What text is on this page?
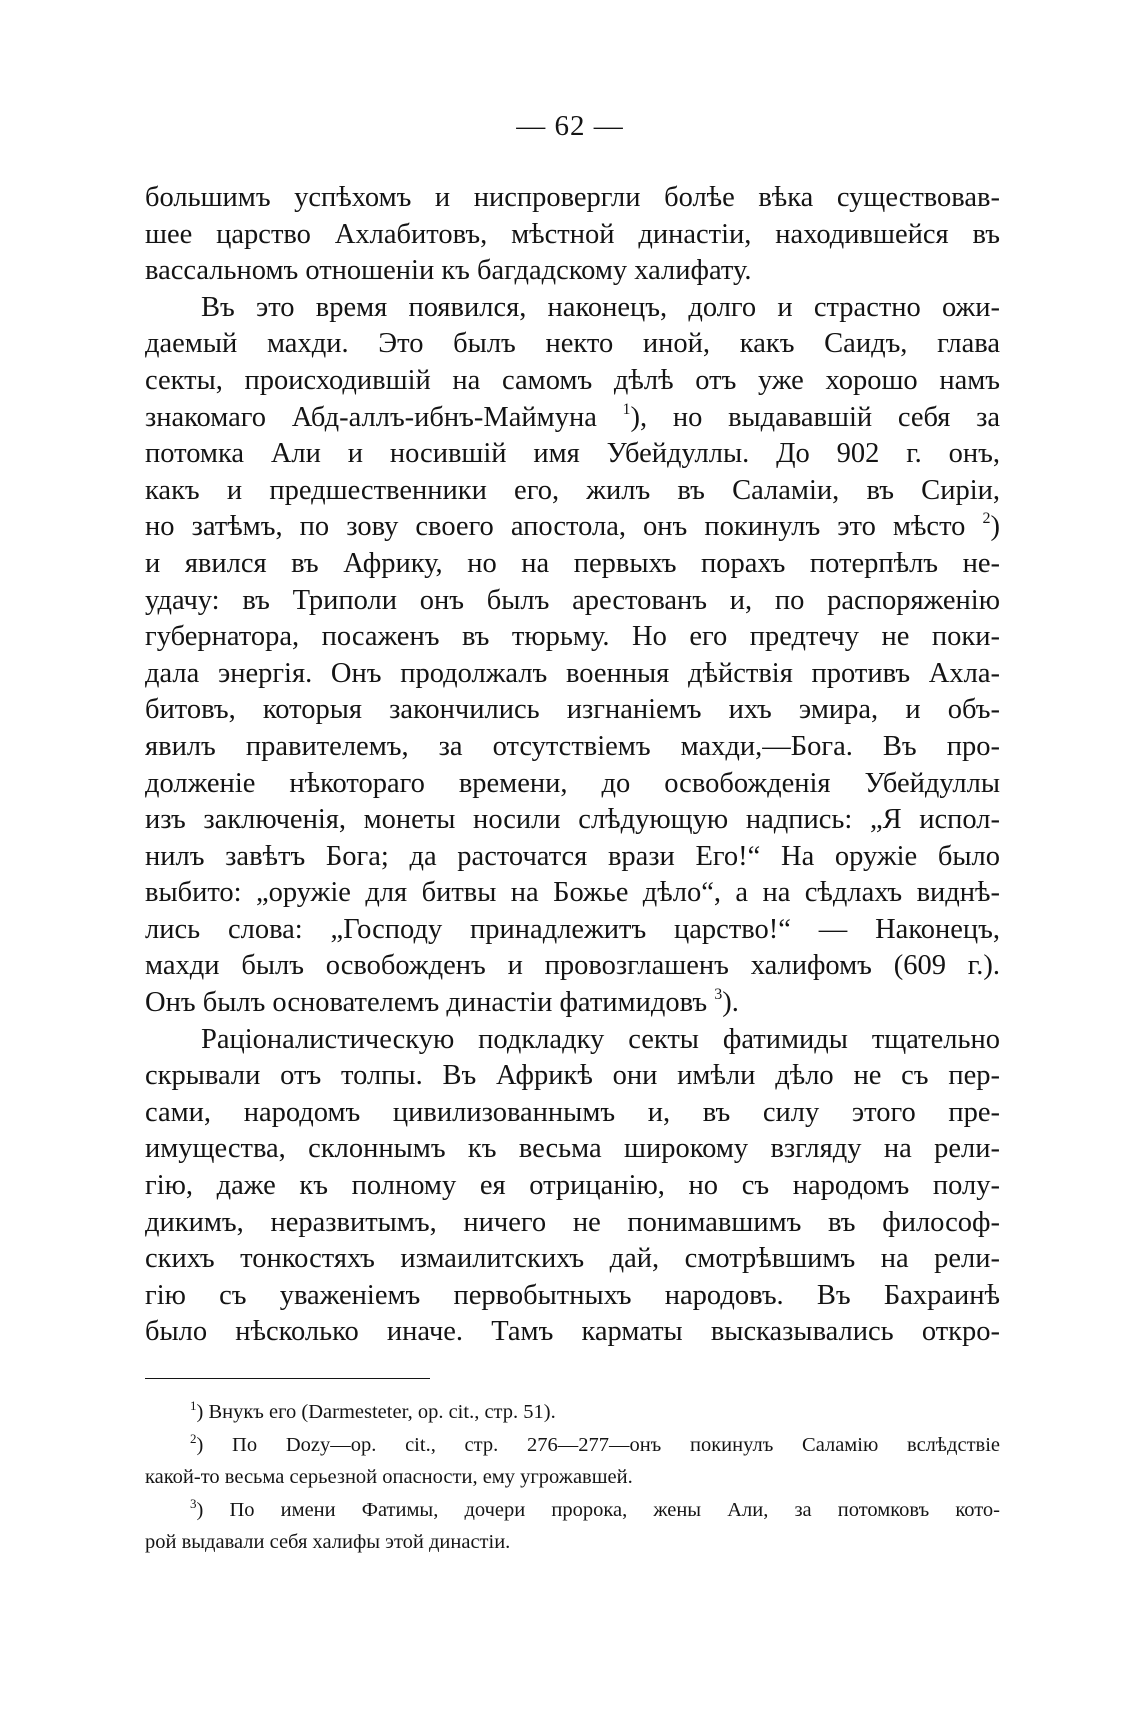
— 62 —
большимъ успѣхомъ и ниспровергли болѣе вѣка существовав-
шее царство Ахлабитовъ, мѣстной династіи, находившейся въ
вассальномъ отношеніи къ багдадскому халифату.
Въ это время появился, наконецъ, долго и страстно ожи-
даемый махди. Это былъ некто иной, какъ Саидъ, глава
секты, происходившій на самомъ дѣлѣ отъ уже хорошо намъ
знакомаго Абд-аллъ-ибнъ-Маймуна $^1$), но выдававшій себя за
потомка Али и носившій имя Убейдуллы. До 902 г. онъ,
какъ и предшественники его, жилъ въ Саламіи, въ Сиріи,
но затѣмъ, по зову своего апостола, онъ покинулъ это мѣсто $^2$)
и явился въ Африку, но на первыхъ порахъ потерпѣлъ не-
удачу: въ Триполи онъ былъ арестованъ и, по распоряженію
губернатора, посаженъ въ тюрьму. Но его предтечу не поки-
дала энергія. Онъ продолжалъ военныя дѣйствія противъ Ахла-
битовъ, которыя закончились изгнаніемъ ихъ эмира, и объ-
явилъ правителемъ, за отсутствіемъ махди,—Бога. Въ про-
долженіе нѣкотораго времени, до освобожденія Убейдуллы
изъ заключенія, монеты носили слѣдующую надпись: „Я испол-
нилъ завѣтъ Бога; да расточатся врази Его!“ На оружіе было
выбито: „оружіе для битвы на Божье дѣло“, а на сѣдлахъ виднѣ-
лись слова: „Господу принадлежитъ царство!“ — Наконецъ,
махди былъ освобожденъ и провозглашенъ халифомъ (609 г.).
Онъ былъ основателемъ династіи фатимидовъ $^3$).
Раціоналистическую подкладку секты фатимиды тщательно
скрывали отъ толпы. Въ Африкѣ они имѣли дѣло не съ пер-
сами, народомъ цивилизованнымъ и, въ силу этого пре-
имущества, склоннымъ къ весьма широкому взгляду на рели-
гію, даже къ полному ея отрицанію, но съ народомъ полу-
дикимъ, неразвитымъ, ничего не понимавшимъ въ философ-
скихъ тонкостяхъ измаилитскихъ дай, смотрѣвшимъ на рели-
гію съ уваженіемъ первобытныхъ народовъ. Въ Бахраинѣ
было нѣсколько иначе. Тамъ карматы высказывались откро-
$^1$) Внукъ его (Darmesteter, op. cit., стр. 51).
$^2$) По Dozy—op. cit., стр. 276—277—онъ покинулъ Саламію вслѣдствіе
какой-то весьма серьезной опасности, ему угрожавшей.
$^3$) По имени Фатимы, дочери пророка, жены Али, за потомковъ кото-
рой выдавали себя халифы этой династіи.
